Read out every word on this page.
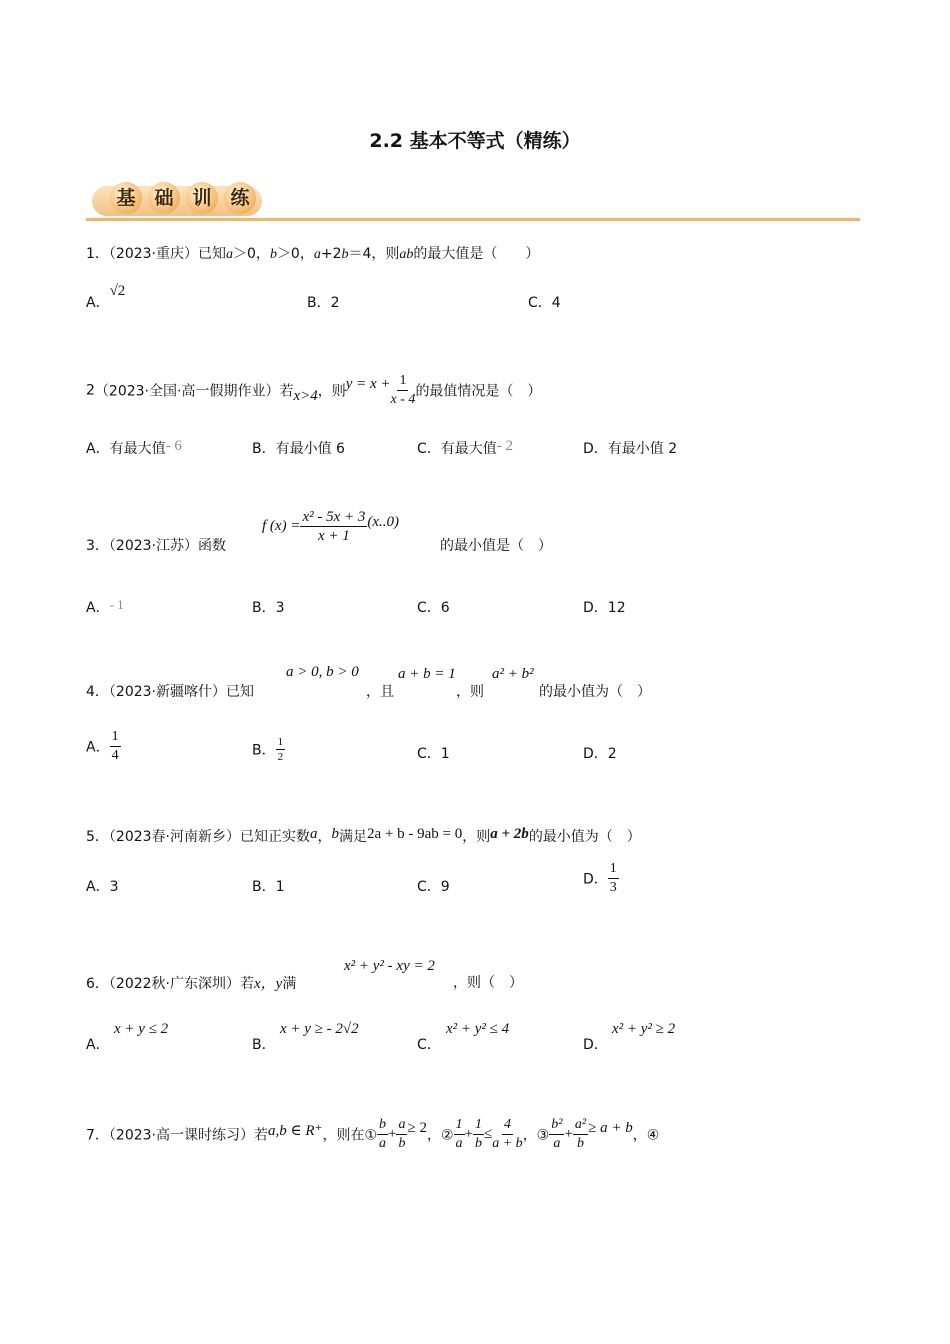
2.2 基本不等式（精练）
基 础 训 练
1．（2023·重庆）已知a＞0，b＞0，a+2b＝4，则ab的最大值是（　　）
A．√2
B．2	C．4
2（2023·全国·高一假期作业）若x>4，则$y = x + \frac{1}{x - 4}$ 的最值情况是（　）
A．有最大值- 6	B．有最小值 6	C．有最大值- 2	D．有最小值 2
3．（2023·江苏）函数
f $(x) = \frac{\text{x² - 5x + 3}}{x + 1} (x..0)$
的最小值是（　）
A．- 1	B．3	C．6	D．12
4．（2023·新疆喀什）已知
a > 0, b > 0
，且
a + b = 1
，则
a² + b²
的最小值为（　）
A． $\frac{1}{4}$	B． $\frac{1}{2}$	C．1	D．2
5．（2023春·河南新乡）已知正实数a，b满足2a + b - 9ab = 0，则a + 2b的最小值为（　）
A．3	B．1	C．9	D． $\frac{1}{3}$
6．（2022秋·广东深圳）若x，y满
x² + y² - xy = 2
，则（　）
A．
x + y ≤ 2
B．
x + y ≥ - 2√2
C．
x² + y² ≤ 4
D．
x² + y² ≥ 2
7．（2023·高一课时练习）若a,b ∈ R⁺，则在① $\frac{b}{a} + \frac{a}{b} \ge 2$，② $\frac{1}{a} + \frac{1}{b} \le \frac{4}{a + b}$ ，③ $\frac{\text{b²}}{a} + \frac{\text{a²}}{b} \ge a + b$，④
